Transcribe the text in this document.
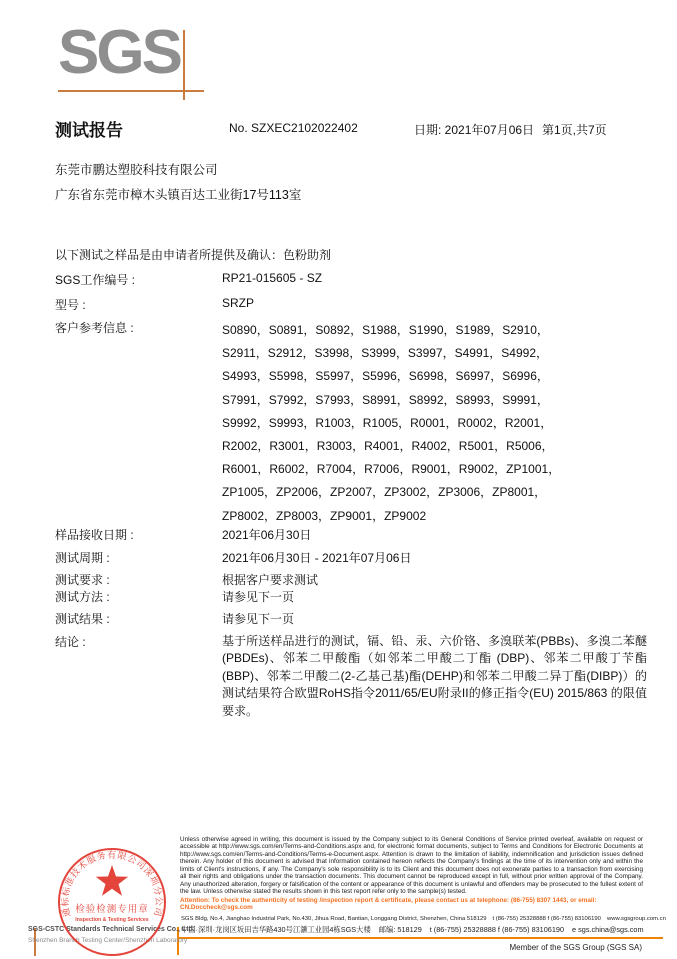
SGS
测试报告	No. SZXEC2102022402	日期: 2021年07月06日 第1页,共7页
东莞市鹏达塑胶科技有限公司
广东省东莞市樟木头镇百达工业街17号113室
以下测试之样品是由申请者所提供及确认：色粉助剂
SGS工作编号 :	RP21-015605 - SZ
型号 :	SRZP
客户参考信息 :	S0890，S0891，S0892，S1988，S1990，S1989，S2910，
S2911，S2912，S3998，S3999，S3997，S4991，S4992，
S4993，S5998，S5997，S5996，S6998，S6997，S6996，
S7991，S7992，S7993，S8991，S8992，S8993，S9991，
S9992，S9993，R1003，R1005，R0001，R0002，R2001，
R2002，R3001，R3003，R4001，R4002，R5001，R5006，
R6001，R6002，R7004，R7006，R9001，R9002，ZP1001，
ZP1005，ZP2006，ZP2007，ZP3002，ZP3006，ZP8001，
ZP8002，ZP8003，ZP9001，ZP9002
样品接收日期 :	2021年06月30日
测试周期 :	2021年06月30日 - 2021年07月06日
测试要求 :	根据客户要求测试
测试方法 :	请参见下一页
测试结果 :	请参见下一页
结论 :	基于所送样品进行的测试，镉、铅、汞、六价铬、多溴联苯(PBBs)、多溴二苯醚(PBDEs)、邻苯二甲酸酯（如邻苯二甲酸二丁酯 (DBP)、邻苯二甲酸丁苄酯(BBP)、邻苯二甲酸二(2-乙基己基)酯(DEHP)和邻苯二甲酸二异丁酯(DIBP)）的测试结果符合欧盟RoHS指令2011/65/EU附录II的修正指令(EU) 2015/863 的限值要求。
Unless otherwise agreed in writing, this document is issued by the Company subject to its General Conditions of Service printed overleaf, available on request or accessible at http://www.sgs.com/en/Terms-and-Conditions.aspx and, for electronic format documents, subject to Terms and Conditions for Electronic Documents at http://www.sgs.com/en/Terms-and-Conditions/Terms-e-Document.aspx. Attention is drawn to the limitation of liability, indemnification and jurisdiction issues defined therein. Any holder of this document is advised that information contained hereon reflects the Company's findings at the time of its intervention only and within the limits of Client's instructions, if any. The Company's sole responsibility is to its Client and this document does not exonerate parties to a transaction from exercising all their rights and obligations under the transaction documents. This document cannot be reproduced except in full, without prior written approval of the Company. Any unauthorized alteration, forgery or falsification of the content or appearance of this document is unlawful and offenders may be prosecuted to the fullest extent of the law. Unless otherwise stated the results shown in this test report refer only to the sample(s) tested.
Attention: To check the authenticity of testing /inspection report & certificate, please contact us at telephone: (86-755) 8307 1443, or email: CN.Doccheck@sgs.com
SGS Bldg, No.4, Jianghao Industrial Park, No.430, Jihua Road, Bantian, Longgang District, Shenzhen, China 518129 t (86-755) 25328888 f (86-755) 83106190 www.sgsgroup.com.cn
中国·深圳·龙岗区坂田吉华路430号江灏工业园4栋SGS大楼 邮编: 518129 t (86-755) 25328888 f (86-755) 83106190 e sgs.china@sgs.com
Member of the SGS Group (SGS SA)
SGS-CSTC Standards Technical Services Co., Ltd.
Shenzhen Branch Testing Center/Shenzhen Laboratory
通标标准技术服务有限公司深圳分公司
检验检测专用章
Inspection & Testing Services
